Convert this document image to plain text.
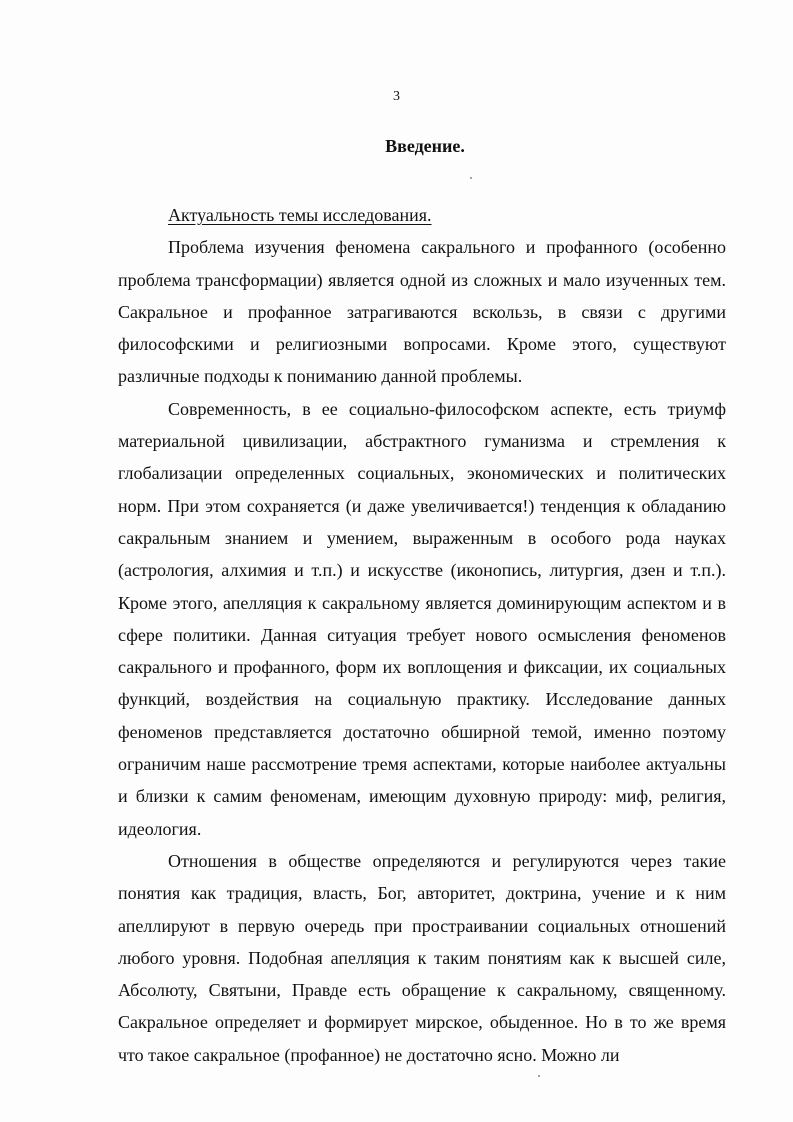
3
Введение.

Актуальность темы исследования.

Проблема изучения феномена сакрального и профанного (особенно проблема трансформации) является одной из сложных и мало изученных тем. Сакральное и профанное затрагиваются вскользь, в связи с другими философскими и религиозными вопросами. Кроме этого, существуют различные подходы к пониманию данной проблемы.

Современность, в ее социально-философском аспекте, есть триумф материальной цивилизации, абстрактного гуманизма и стремления к глобализации определенных социальных, экономических и политических норм. При этом сохраняется (и даже увеличивается!) тенденция к обладанию сакральным знанием и умением, выраженным в особого рода науках (астрология, алхимия и т.п.) и искусстве (иконопись, литургия, дзен и т.п.). Кроме этого, апелляция к сакральному является доминирующим аспектом и в сфере политики. Данная ситуация требует нового осмысления феноменов сакрального и профанного, форм их воплощения и фиксации, их социальных функций, воздействия на социальную практику. Исследование данных феноменов представляется достаточно обширной темой, именно поэтому ограничим наше рассмотрение тремя аспектами, которые наиболее актуальны и близки к самим феноменам, имеющим духовную природу: миф, религия, идеология.

Отношения в обществе определяются и регулируются через такие понятия как традиция, власть, Бог, авторитет, доктрина, учение и к ним апеллируют в первую очередь при простраивании социальных отношений любого уровня. Подобная апелляция к таким понятиям как к высшей силе, Абсолюту, Святыни, Правде есть обращение к сакральному, священному. Сакральное определяет и формирует мирское, обыденное. Но в то же время что такое сакральное (профанное) не достаточно ясно. Можно ли
